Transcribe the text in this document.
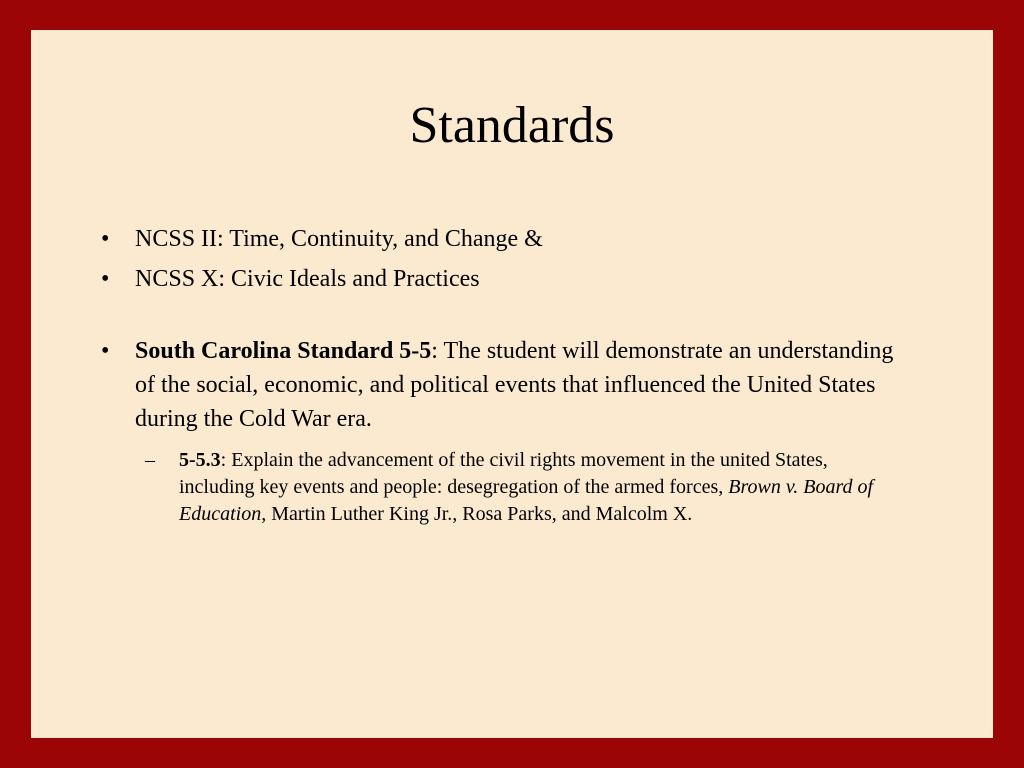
Standards
• NCSS II: Time, Continuity, and Change &
• NCSS X: Civic Ideals and Practices
• South Carolina Standard 5-5: The student will demonstrate an understanding of the social, economic, and political events that influenced the United States during the Cold War era.
– 5-5.3: Explain the advancement of the civil rights movement in the united States, including key events and people: desegregation of the armed forces, Brown v. Board of Education, Martin Luther King Jr., Rosa Parks, and Malcolm X.
